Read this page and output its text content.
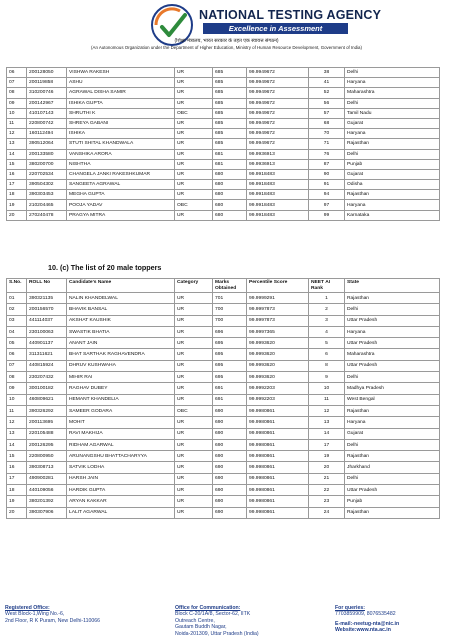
NATIONAL TESTING AGENCY
Excellence in Assessment
(शिक्षा मंत्रालय, भारत सरकार के तहत एक स्वायत्त संगठन)
(An Autonomous Organization under the Department of Higher Education, Ministry of Human Resource Development, Government of India)
06	200128050	VISHWA RAKESH	UR	685	99.9949672	38	Delhi
07	200119858	ASHU	UR	685	99.9949672	41	Haryana
08	310200746	AGRAWAL DISHA SAMIR	UR	685	99.9949672	52	Maharashtra
09	200142967	ISHIKA GUPTA	UR	685	99.9949672	56	Delhi
10	410107143	SHRUTHI K	OBC	685	99.9949672	57	Tamil Nadu
11	220800742	SHREYA GABANI	UR	685	99.9949672	68	Gujarat
12	160112494	ISHIKA	UR	685	99.9949672	70	Haryana
13	390512064	STUTI SHITAL KHANDWALA	UR	685	99.9949672	71	Rajasthan
14	200133580	VANSHIKA ARORA	UR	681	99.9936913	76	Delhi
15	380200700	NISHTHA	UR	681	99.9936913	87	Punjab
16	220702534	CHANGELA JANKI RAKESHKUMAR	UR	680	99.9918483	90	Gujarat
17	390504302	SANGEETA AGRAWAL	UR	680	99.9918483	91	Odisha
18	390303453	MEGHA GUPTA	UR	680	99.9918483	94	Rajasthan
19	210204465	POOJA YADAV	OBC	680	99.9918483	97	Haryana
20	270240478	PRAGYA MITRA	UR	680	99.9918483	99	Karnataka
10. (c) The list of 20 male toppers
S.No.	ROLL No	Candidate's Name	Category	Marks Obtained	Percentile Score	NEET AI Rank	State
01	390321135	NALIN KHANDELWAL	UR	701	99.9999291	1	Rajasthan
02	200156570	BHAVIK BANSAL	UR	700	99.9997873	2	Delhi
03	441114037	AKSHAT KAUSHIK	UR	700	99.9997873	3	Uttar Pradesh
04	230100063	SWASTIK BHATIA	UR	696	99.9997365	4	Haryana
05	440901137	ANANT JAIN	UR	695	99.9993620	5	Uttar Pradesh
06	311311621	BHAT SARTHAK RAGHAVENDRA	UR	695	99.9993620	6	Maharashtra
07	440815924	DHRUV KUSHWAHA	UR	695	99.9993620	8	Uttar Pradesh
08	230207432	MIHIR RAI	UR	695	99.9993620	9	Delhi
09	300100182	RAGHAV DUBEY	UR	691	99.9992203	10	Madhya Pradesh
10	460809621	HEMANT KHANDELIA	UR	691	99.9992203	11	West Bengal
11	390326292	SAMEER GODARA	OBC	690	99.9980861	12	Rajasthan
12	200113695	MOHIT	UR	690	99.9980861	13	Haryana
13	220105488	RAVI MAKHIJA	UR	690	99.9980861	14	Gujarat
14	200126295	RIDHAM AGARWAL	UR	690	99.9980861	17	Delhi
15	220800950	ARUNANGSHU BHATTACHARYYA	UR	690	99.9980861	19	Rajasthan
16	390308713	SATVIK LODHA	UR	690	99.9980861	20	Jharkhand
17	490900281	HARSH JAIN	UR	690	99.9980861	21	Delhi
18	440109056	HARDIK GUPTA	UR	690	99.9980861	22	Uttar Pradesh
19	380201392	ARYAN KAKKAR	UR	690	99.9980861	23	Punjab
20	390307906	LALIT AGARWAL	UR	690	99.9980861	24	Rajasthan
Registered Office:
West Block-1,Wing No.-6,
2nd Floor, R K Puram, New Delhi-110066
Office for Communication:
Block C-20/1A/8, Sector-62, IITK
Outreach Centre,
Gautam Buddh Nagar,
Noida-201309, Uttar Pradesh (India)
For queries:
7703859909, 8076535482
E-mail:-neetug-nta@nic.in
Website:www.nta.ac.in
